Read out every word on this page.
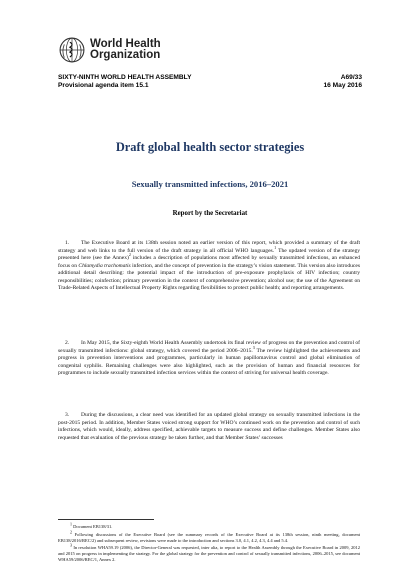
World Health
Organization
SIXTY-NINTH WORLD HEALTH ASSEMBLY
Provisional agenda item 15.1
A69/33
16 May 2016
Draft global health sector strategies
Sexually transmitted infections, 2016–2021
Report by the Secretariat

1. The Executive Board at its 138th session noted an earlier version of this report, which provided a summary of the draft strategy and web links to the full version of the draft strategy in all official WHO languages.$^1$ The updated version of the strategy presented here (see the Annex)$^2$ includes a description of populations most affected by sexually transmitted infections, an enhanced focus on Chlamydia trachomatis infection, and the concept of prevention in the strategy’s vision statement. This version also introduces additional detail describing: the potential impact of the introduction of pre-exposure prophylaxis of HIV infection; country responsibilities; coinfection; primary prevention in the context of comprehensive prevention; alcohol use; the use of the Agreement on Trade-Related Aspects of Intellectual Property Rights regarding flexibilities to protect public health; and reporting arrangements.

2. In May 2015, the Sixty-eighth World Health Assembly undertook its final review of progress on the prevention and control of sexually transmitted infections: global strategy, which covered the period 2006–2015.$^3$ The review highlighted the achievements and progress in prevention interventions and programmes, particularly in human papillomavirus control and global elimination of congenital syphilis. Remaining challenges were also highlighted, such as the provision of human and financial resources for programmes to include sexually transmitted infection services within the context of striving for universal health coverage.

3. During the discussions, a clear need was identified for an updated global strategy on sexually transmitted infections in the post-2015 period. In addition, Member States voiced strong support for WHO’s continued work on the prevention and control of such infections, which would, ideally, address specified, achievable targets to measure success and define challenges. Member States also requested that evaluation of the previous strategy be taken further, and that Member States’ successes

$^1$ Document EB138/31.

$^2$ Following discussions of the Executive Board (see the summary records of the Executive Board at its 138th session, ninth meeting, document EB138/2016/REC/2) and subsequent review, revisions were made to the introduction and sections 3.0, 4.1, 4.2, 4.3, 4.4 and 5.4.

$^3$ In resolution WHA59.19 (2006), the Director-General was requested, inter alia, to report to the Health Assembly through the Executive Board in 2009, 2012 and 2015 on progress in implementing the strategy. For the global strategy for the prevention and control of sexually transmitted infections, 2006–2015, see document WHA59/2006/REC/1, Annex 2.
